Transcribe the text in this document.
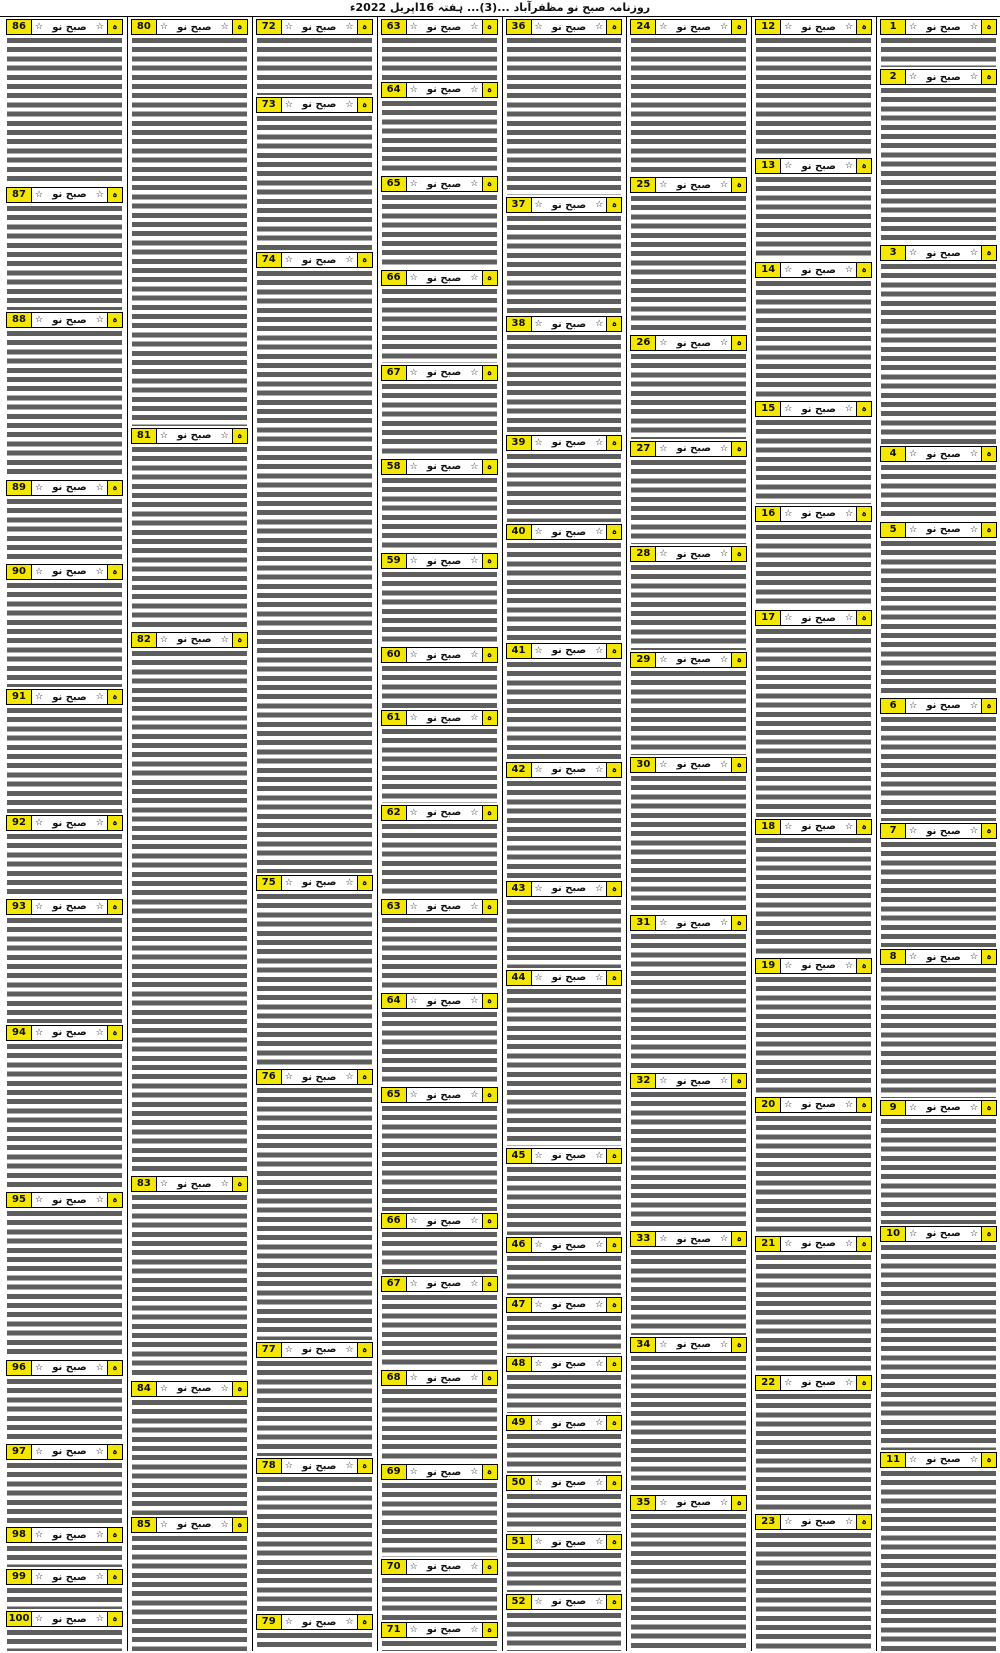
روزنامہ صبح نو مظفرآباد ...(3)... ہفتہ 16اپریل 2022ء
1	☆ صبح نو	☆ ہ
2	☆ صبح نو	☆ ہ
3	☆ صبح نو	☆ ہ
4	☆ صبح نو	☆ ہ
5	☆ صبح نو	☆ ہ
6	☆ صبح نو	☆ ہ
7	☆ صبح نو	☆ ہ
8	☆ صبح نو	☆ ہ
9	☆ صبح نو	☆ ہ
10	☆ صبح نو	☆ ہ
11	☆ صبح نو	☆ ہ
12	☆ صبح نو	☆ ہ
13	☆ صبح نو	☆ ہ
14	☆ صبح نو	☆ ہ
15	☆ صبح نو	☆ ہ
16	☆ صبح نو	☆ ہ
17	☆ صبح نو	☆ ہ
18	☆ صبح نو	☆ ہ
19	☆ صبح نو	☆ ہ
20	☆ صبح نو	☆ ہ
21	☆ صبح نو	☆ ہ
22	☆ صبح نو	☆ ہ
23	☆ صبح نو	☆ ہ
24	☆ صبح نو	☆ ہ
25	☆ صبح نو	☆ ہ
26	☆ صبح نو	☆ ہ
27	☆ صبح نو	☆ ہ
28	☆ صبح نو	☆ ہ
29	☆ صبح نو	☆ ہ
30	☆ صبح نو	☆ ہ
31	☆ صبح نو	☆ ہ
32	☆ صبح نو	☆ ہ
33	☆ صبح نو	☆ ہ
34	☆ صبح نو	☆ ہ
35	☆ صبح نو	☆ ہ
36	☆ صبح نو	☆ ہ
37	☆ صبح نو	☆ ہ
38	☆ صبح نو	☆ ہ
39	☆ صبح نو	☆ ہ
40	☆ صبح نو	☆ ہ
41	☆ صبح نو	☆ ہ
42	☆ صبح نو	☆ ہ
43	☆ صبح نو	☆ ہ
44	☆ صبح نو	☆ ہ
45	☆ صبح نو	☆ ہ
46	☆ صبح نو	☆ ہ
47	☆ صبح نو	☆ ہ
48	☆ صبح نو	☆ ہ
49	☆ صبح نو	☆ ہ
50	☆ صبح نو	☆ ہ
51	☆ صبح نو	☆ ہ
52	☆ صبح نو	☆ ہ
63	☆ صبح نو	☆ ہ
64	☆ صبح نو	☆ ہ
65	☆ صبح نو	☆ ہ
66	☆ صبح نو	☆ ہ
67	☆ صبح نو	☆ ہ
58	☆ صبح نو	☆ ہ
59	☆ صبح نو	☆ ہ
60	☆ صبح نو	☆ ہ
61	☆ صبح نو	☆ ہ
62	☆ صبح نو	☆ ہ
63	☆ صبح نو	☆ ہ
64	☆ صبح نو	☆ ہ
65	☆ صبح نو	☆ ہ
66	☆ صبح نو	☆ ہ
67	☆ صبح نو	☆ ہ
68	☆ صبح نو	☆ ہ
69	☆ صبح نو	☆ ہ
70	☆ صبح نو	☆ ہ
71	☆ صبح نو	☆ ہ
72	☆ صبح نو	☆ ہ
73	☆ صبح نو	☆ ہ
74	☆ صبح نو	☆ ہ
75	☆ صبح نو	☆ ہ
76	☆ صبح نو	☆ ہ
77	☆ صبح نو	☆ ہ
78	☆ صبح نو	☆ ہ
79	☆ صبح نو	☆ ہ
80	☆ صبح نو	☆ ہ
81	☆ صبح نو	☆ ہ
82	☆ صبح نو	☆ ہ
83	☆ صبح نو	☆ ہ
84	☆ صبح نو	☆ ہ
85	☆ صبح نو	☆ ہ
86	☆ صبح نو	☆ ہ
87	☆ صبح نو	☆ ہ
88	☆ صبح نو	☆ ہ
89	☆ صبح نو	☆ ہ
90	☆ صبح نو	☆ ہ
91	☆ صبح نو	☆ ہ
92	☆ صبح نو	☆ ہ
93	☆ صبح نو	☆ ہ
94	☆ صبح نو	☆ ہ
95	☆ صبح نو	☆ ہ
96	☆ صبح نو	☆ ہ
97	☆ صبح نو	☆ ہ
98	☆ صبح نو	☆ ہ
99	☆ صبح نو	☆ ہ
100 ☆ صبح نو	☆ ہ
